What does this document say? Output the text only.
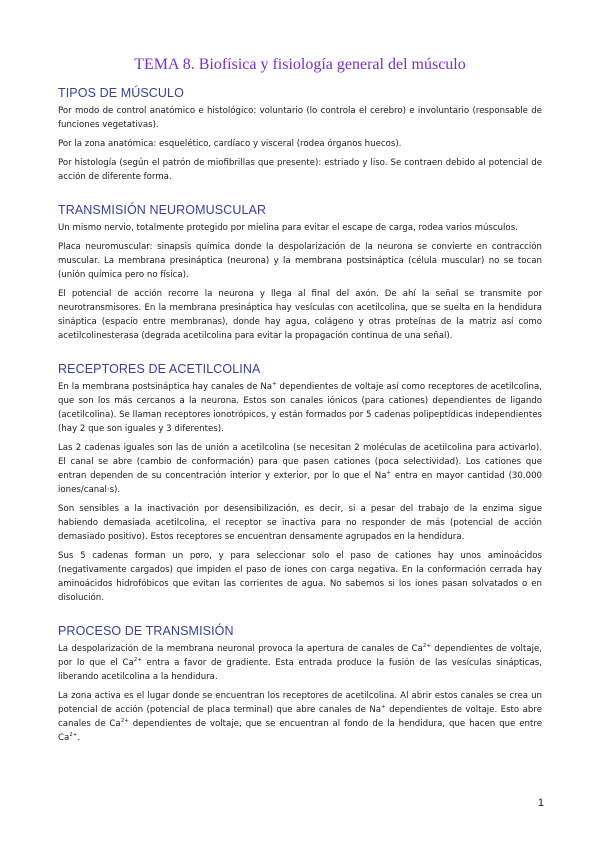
TEMA 8. Biofísica y fisiología general del músculo
TIPOS DE MÚSCULO

Por modo de control anatómico e histológico: voluntario (lo controla el cerebro) e involuntario (responsable de funciones vegetativas).

Por la zona anatómica: esquelético, cardíaco y visceral (rodea órganos huecos).

Por histología (según el patrón de miofibrillas que presente): estriado y liso. Se contraen debido al potencial de acción de diferente forma.

TRANSMISIÓN NEUROMUSCULAR

Un mismo nervio, totalmente protegido por mielina para evitar el escape de carga, rodea varios músculos.

Placa neuromuscular: sinapsis química donde la despolarización de la neurona se convierte en contracción muscular. La membrana presináptica (neurona) y la membrana postsináptica (célula muscular) no se tocan (unión química pero no física).

El potencial de acción recorre la neurona y llega al final del axón. De ahí la señal se transmite por neurotransmisores. En la membrana presináptica hay vesículas con acetilcolina, que se suelta en la hendidura sináptica (espacio entre membranas), donde hay agua, colágeno y otras proteínas de la matriz así como acetilcolinesterasa (degrada acetilcolina para evitar la propagación continua de una señal).

RECEPTORES DE ACETILCOLINA

En la membrana postsináptica hay canales de Na+ dependientes de voltaje así como receptores de acetilcolina, que son los más cercanos a la neurona. Estos son canales iónicos (para cationes) dependientes de ligando (acetilcolina). Se llaman receptores ionotrópicos, y están formados por 5 cadenas polipeptídicas independientes (hay 2 que son iguales y 3 diferentes).

Las 2 cadenas iguales son las de unión a acetilcolina (se necesitan 2 moléculas de acetilcolina para activarlo). El canal se abre (cambio de conformación) para que pasen cationes (poca selectividad). Los cationes que entran dependen de su concentración interior y exterior, por lo que el Na+ entra en mayor cantidad (30.000 iones/canal·s).

Son sensibles a la inactivación por desensibilización, es decir, si a pesar del trabajo de la enzima sigue habiendo demasiada acetilcolina, el receptor se inactiva para no responder de más (potencial de acción demasiado positivo). Estos receptores se encuentran densamente agrupados en la hendidura.

Sus 5 cadenas forman un poro, y para seleccionar solo el paso de cationes hay unos aminoácidos (negativamente cargados) que impiden el paso de iones con carga negativa. En la conformación cerrada hay aminoácidos hidrofóbicos que evitan las corrientes de agua. No sabemos si los iones pasan solvatados o en disolución.

PROCESO DE TRANSMISIÓN

La despolarización de la membrana neuronal provoca la apertura de canales de $Ca^{2+}$ dependientes de voltaje, por lo que el $Ca^{2+}$ entra a favor de gradiente. Esta entrada produce la fusión de las vesículas sinápticas, liberando acetilcolina a la hendidura.

La zona activa es el lugar donde se encuentran los receptores de acetilcolina. Al abrir estos canales se crea un potencial de acción (potencial de placa terminal) que abre canales de Na+ dependientes de voltaje. Esto abre canales de $Ca^{2+}$ dependientes de voltaje, que se encuentran al fondo de la hendidura, que hacen que entre $Ca^{2+}$.

1
